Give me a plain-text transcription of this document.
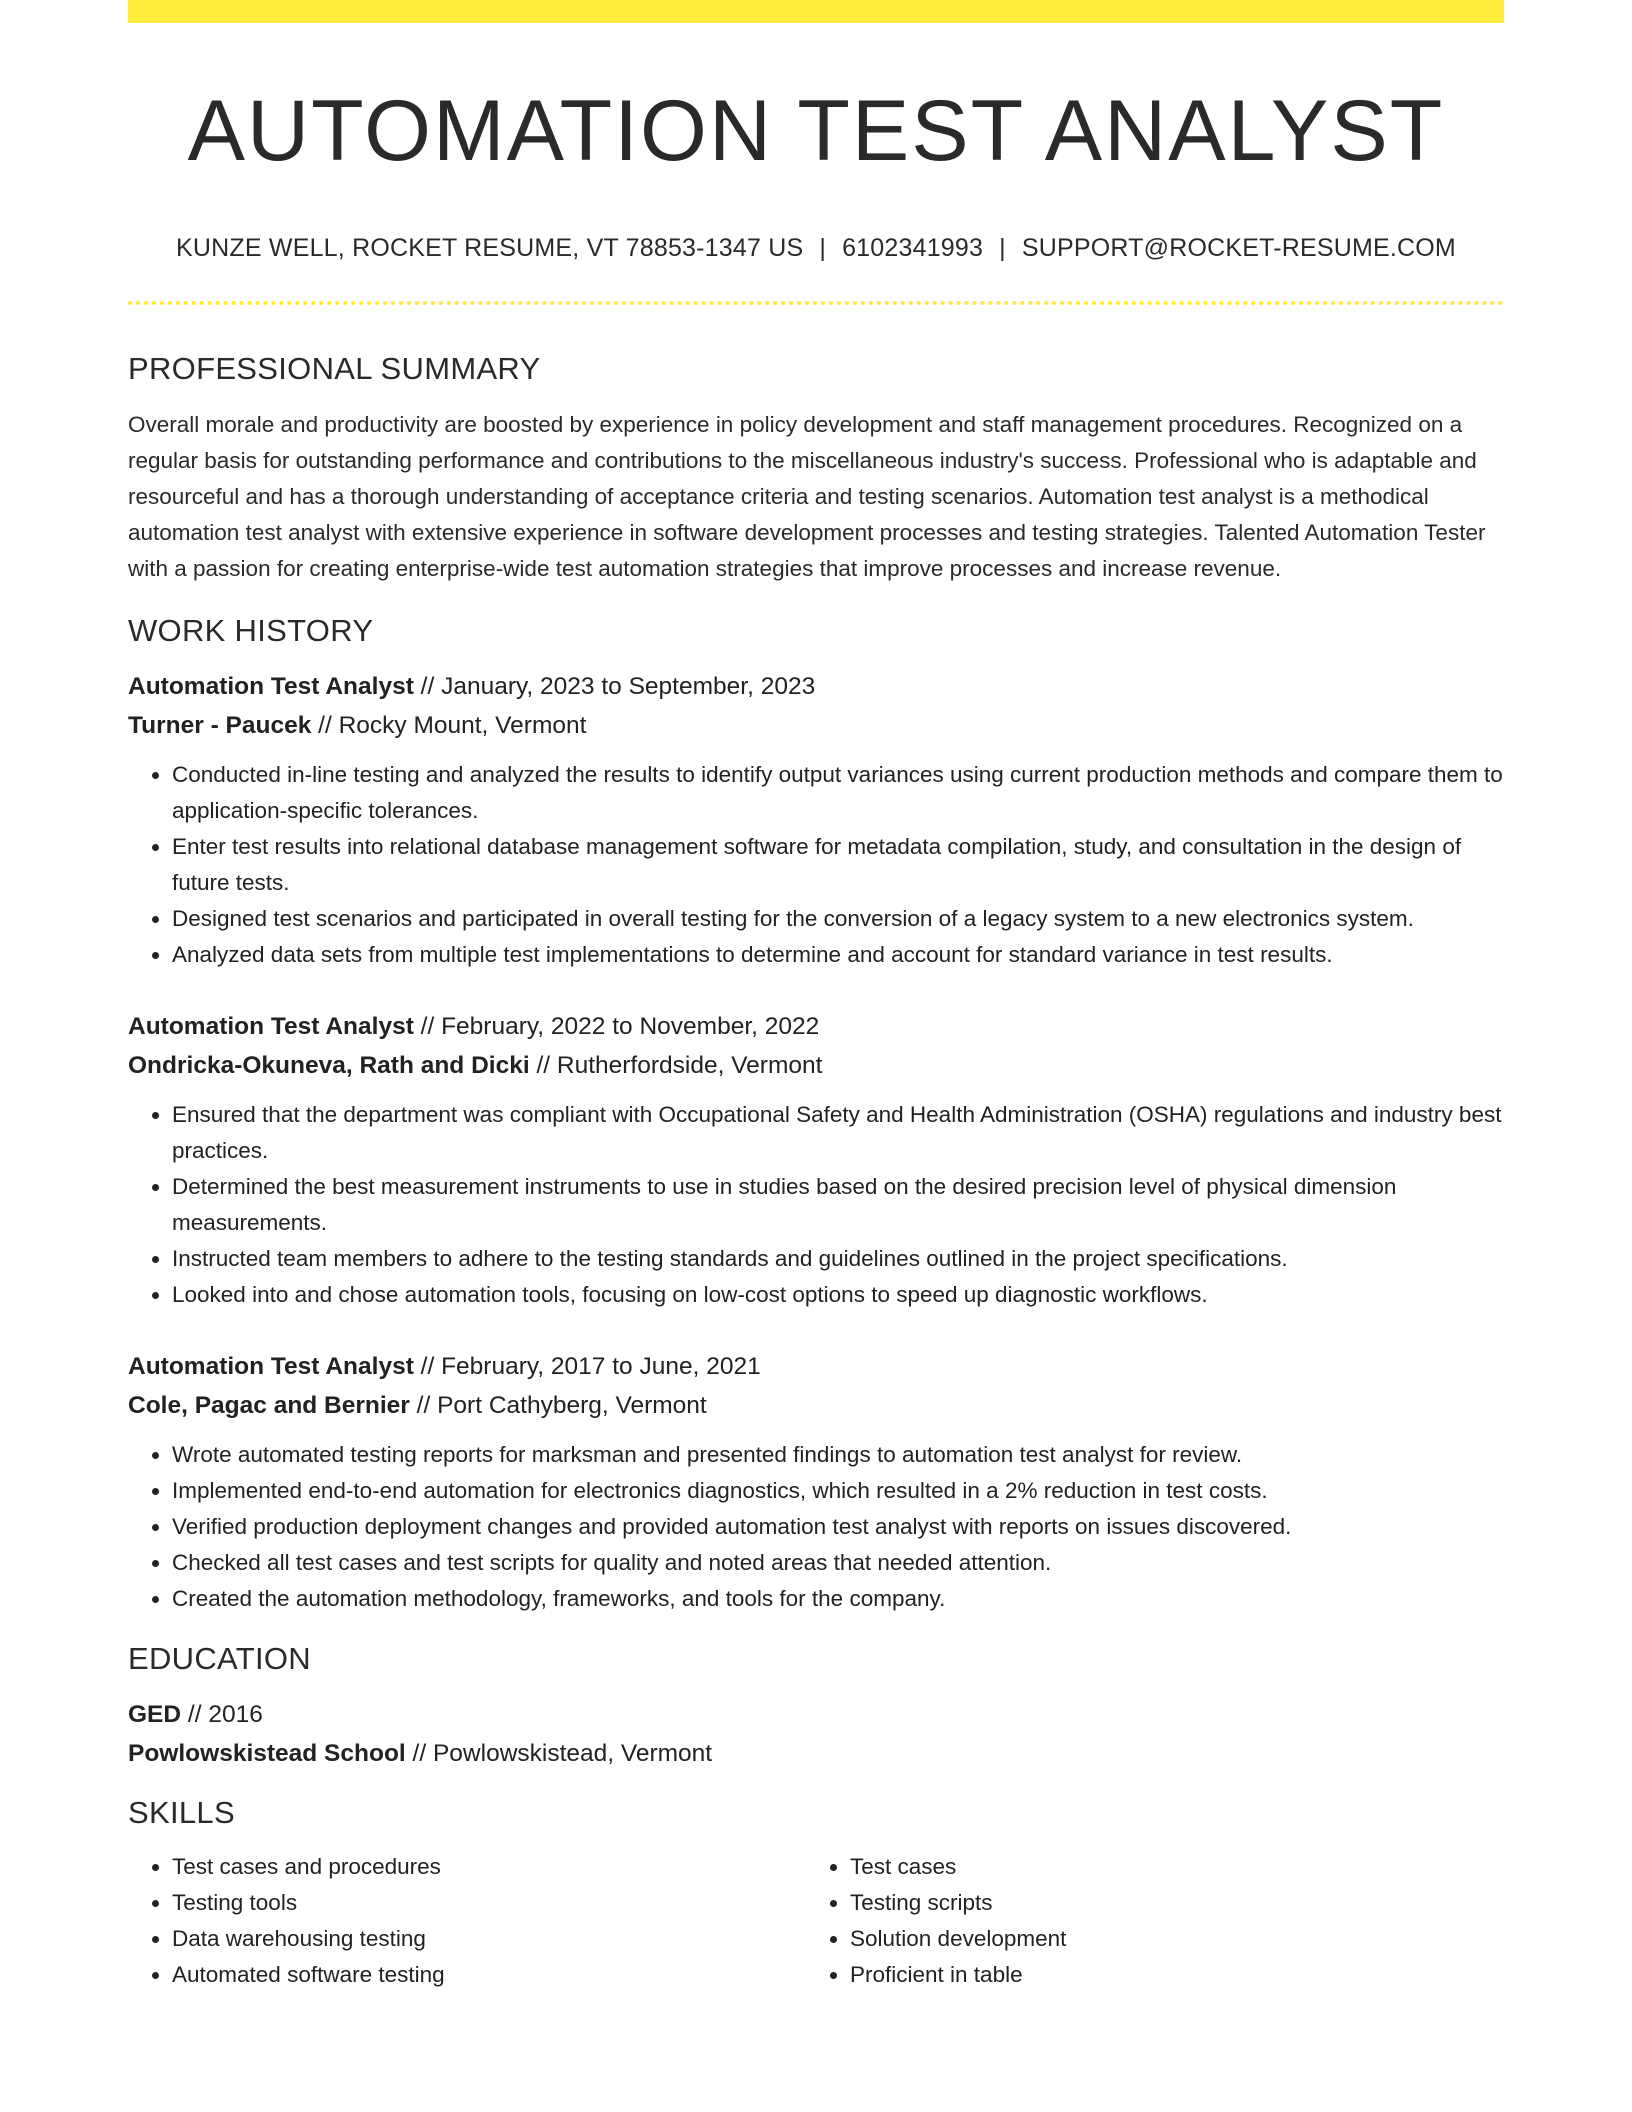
AUTOMATION TEST ANALYST
KUNZE WELL, ROCKET RESUME, VT 78853-1347 US | 6102341993 | SUPPORT@ROCKET-RESUME.COM
PROFESSIONAL SUMMARY
Overall morale and productivity are boosted by experience in policy development and staff management procedures. Recognized on a regular basis for outstanding performance and contributions to the miscellaneous industry's success. Professional who is adaptable and resourceful and has a thorough understanding of acceptance criteria and testing scenarios. Automation test analyst is a methodical automation test analyst with extensive experience in software development processes and testing strategies. Talented Automation Tester with a passion for creating enterprise-wide test automation strategies that improve processes and increase revenue.
WORK HISTORY
Automation Test Analyst // January, 2023 to September, 2023
Turner - Paucek // Rocky Mount, Vermont
• Conducted in-line testing and analyzed the results to identify output variances using current production methods and compare them to application-specific tolerances.
• Enter test results into relational database management software for metadata compilation, study, and consultation in the design of future tests.
• Designed test scenarios and participated in overall testing for the conversion of a legacy system to a new electronics system.
• Analyzed data sets from multiple test implementations to determine and account for standard variance in test results.
Automation Test Analyst // February, 2022 to November, 2022
Ondricka-Okuneva, Rath and Dicki // Rutherfordside, Vermont
• Ensured that the department was compliant with Occupational Safety and Health Administration (OSHA) regulations and industry best practices.
• Determined the best measurement instruments to use in studies based on the desired precision level of physical dimension measurements.
• Instructed team members to adhere to the testing standards and guidelines outlined in the project specifications.
• Looked into and chose automation tools, focusing on low-cost options to speed up diagnostic workflows.
Automation Test Analyst // February, 2017 to June, 2021
Cole, Pagac and Bernier // Port Cathyberg, Vermont
• Wrote automated testing reports for marksman and presented findings to automation test analyst for review.
• Implemented end-to-end automation for electronics diagnostics, which resulted in a 2% reduction in test costs.
• Verified production deployment changes and provided automation test analyst with reports on issues discovered.
• Checked all test cases and test scripts for quality and noted areas that needed attention.
• Created the automation methodology, frameworks, and tools for the company.
EDUCATION
GED // 2016
Powlowskistead School // Powlowskistead, Vermont
SKILLS
• Test cases and procedures
• Testing tools
• Data warehousing testing
• Automated software testing
• Test cases
• Testing scripts
• Solution development
• Proficient in table
